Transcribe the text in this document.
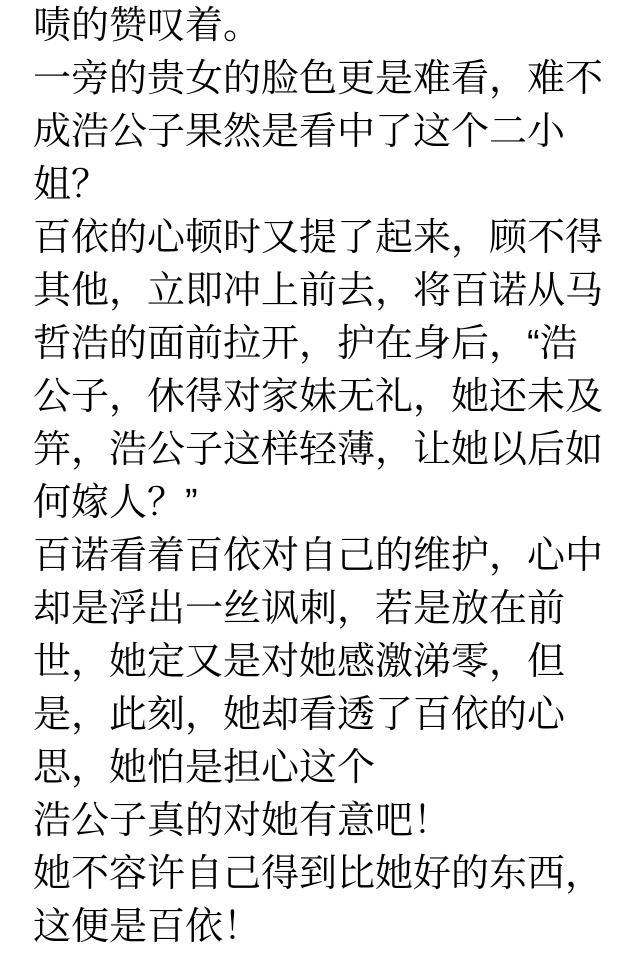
啧的赞叹着。
一旁的贵女的脸色更是难看，难不
成浩公子果然是看中了这个二小
姐？
百依的心顿时又提了起来，顾不得
其他，立即冲上前去，将百诺从马
哲浩的面前拉开，护在身后，“浩
公子，休得对家妹无礼，她还未及
笄，浩公子这样轻薄，让她以后如
何嫁人？”
百诺看着百依对自己的维护，心中
却是浮出一丝讽刺，若是放在前
世，她定又是对她感激涕零，但
是，此刻，她却看透了百依的心
思，她怕是担心这个
浩公子真的对她有意吧！
她不容许自己得到比她好的东西，
这便是百依！
